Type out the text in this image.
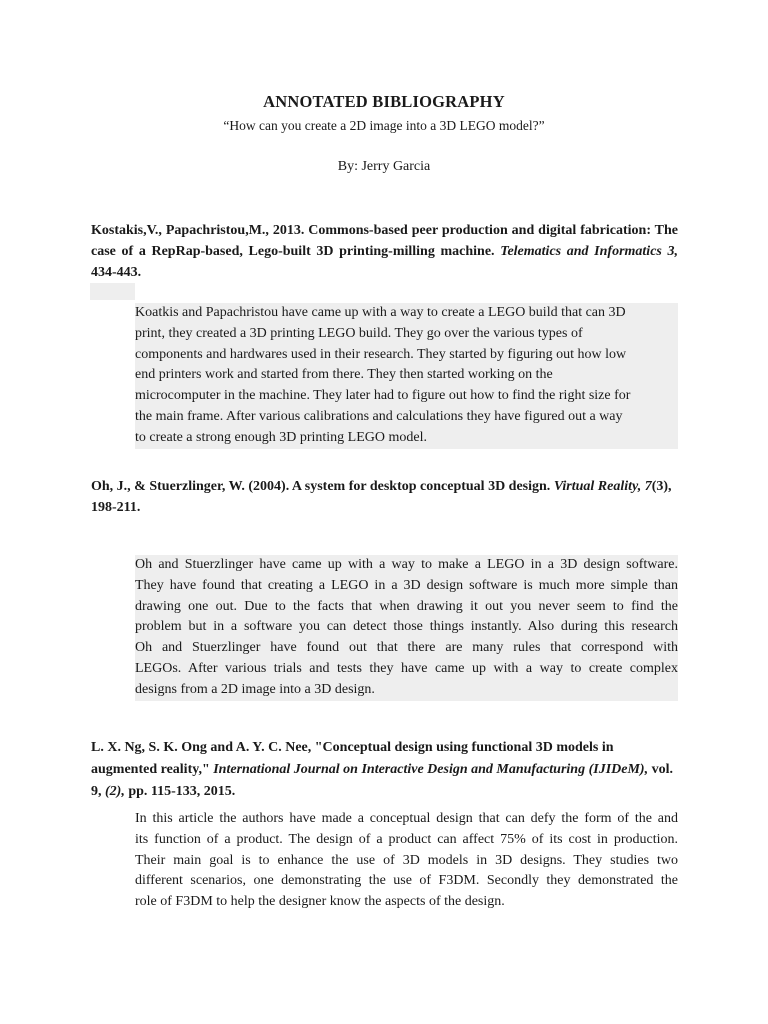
ANNOTATED BIBLIOGRAPHY
“How can you create a 2D image into a 3D LEGO model?”
By: Jerry Garcia
Kostakis,V., Papachristou,M., 2013. Commons-based peer production and digital fabrication: The case of a RepRap-based, Lego-built 3D printing-milling machine. Telematics and Informatics 3, 434-443.
Koatkis and Papachristou have came up with a way to create a LEGO build that can 3D
print, they created a 3D printing LEGO build. They go over the various types of
components and hardwares used in their research. They started by figuring out how low
end printers work and started from there. They then started working on the
microcomputer in the machine. They later had to figure out how to find the right size for
the main frame. After various calibrations and calculations they have figured out a way
to create a strong enough 3D printing LEGO model.
Oh, J., & Stuerzlinger, W. (2004). A system for desktop conceptual 3D design. Virtual Reality, 7(3), 198-211.
Oh and Stuerzlinger have came up with a way to make a LEGO in a 3D design software.
They have found that creating a LEGO in a 3D design software is much more simple than
drawing one out. Due to the facts that when drawing it out you never seem to find the
problem but in a software you can detect those things instantly. Also during this research
Oh and Stuerzlinger have found out that there are many rules that correspond with
LEGOs. After various trials and tests they have came up with a way to create complex
designs from a 2D image into a 3D design.
L. X. Ng, S. K. Ong and A. Y. C. Nee, "Conceptual design using functional 3D models in augmented reality," International Journal on Interactive Design and Manufacturing (IJIDeM), vol. 9, (2), pp. 115-133, 2015.
In this article the authors have made a conceptual design that can defy the form of the and
its function of a product. The design of a product can affect 75% of its cost in production.
Their main goal is to enhance the use of 3D models in 3D designs. They studies two
different scenarios, one demonstrating the use of F3DM. Secondly they demonstrated the
role of F3DM to help the designer know the aspects of the design.
